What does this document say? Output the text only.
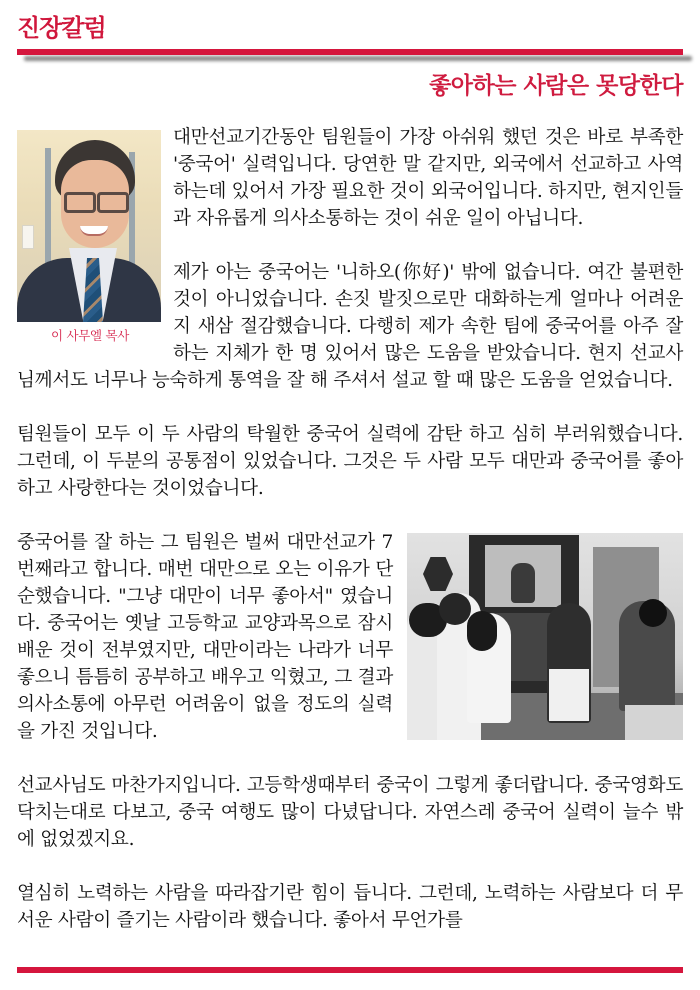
진장칼럼
좋아하는 사람은 못당한다
이 사무엘 목사

대만선교기간동안 팀원들이 가장 아쉬워 했던 것은 바로 부족한 '중국어' 실력입니다. 당연한 말 같지만, 외국에서 선교하고 사역하는데 있어서 가장 필요한 것이 외국어입니다. 하지만, 현지인들과 자유롭게 의사소통하는 것이 쉬운 일이 아닙니다.

제가 아는 중국어는 '니하오(你好)' 밖에 없습니다. 여간 불편한 것이 아니었습니다. 손짓 발짓으로만 대화하는게 얼마나 어려운지 새삼 절감했습니다. 다행히 제가 속한 팀에 중국어를 아주 잘하는 지체가 한 명 있어서 많은 도움을 받았습니다. 현지 선교사님께서도 너무나 능숙하게 통역을 잘 해 주셔서 설교 할 때 많은 도움을 얻었습니다.

팀원들이 모두 이 두 사람의 탁월한 중국어 실력에 감탄 하고 심히 부러워했습니다. 그런데, 이 두분의 공통점이 있었습니다. 그것은 두 사람 모두 대만과 중국어를 좋아하고 사랑한다는 것이었습니다.

중국어를 잘 하는 그 팀원은 벌써 대만선교가 7번째라고 합니다. 매번 대만으로 오는 이유가 단순했습니다. "그냥 대만이 너무 좋아서" 였습니다. 중국어는 옛날 고등학교 교양과목으로 잠시 배운 것이 전부였지만, 대만이라는 나라가 너무 좋으니 틈틈히 공부하고 배우고 익혔고, 그 결과 의사소통에 아무런 어려움이 없을 정도의 실력을 가진 것입니다.

선교사님도 마찬가지입니다. 고등학생때부터 중국이 그렇게 좋더랍니다. 중국영화도 닥치는대로 다보고, 중국 여행도 많이 다녔답니다. 자연스레 중국어 실력이 늘수 밖에 없었겠지요.

열심히 노력하는 사람을 따라잡기란 힘이 듭니다. 그런데, 노력하는 사람보다 더 무서운 사람이 즐기는 사람이라 했습니다. 좋아서 무언가를
